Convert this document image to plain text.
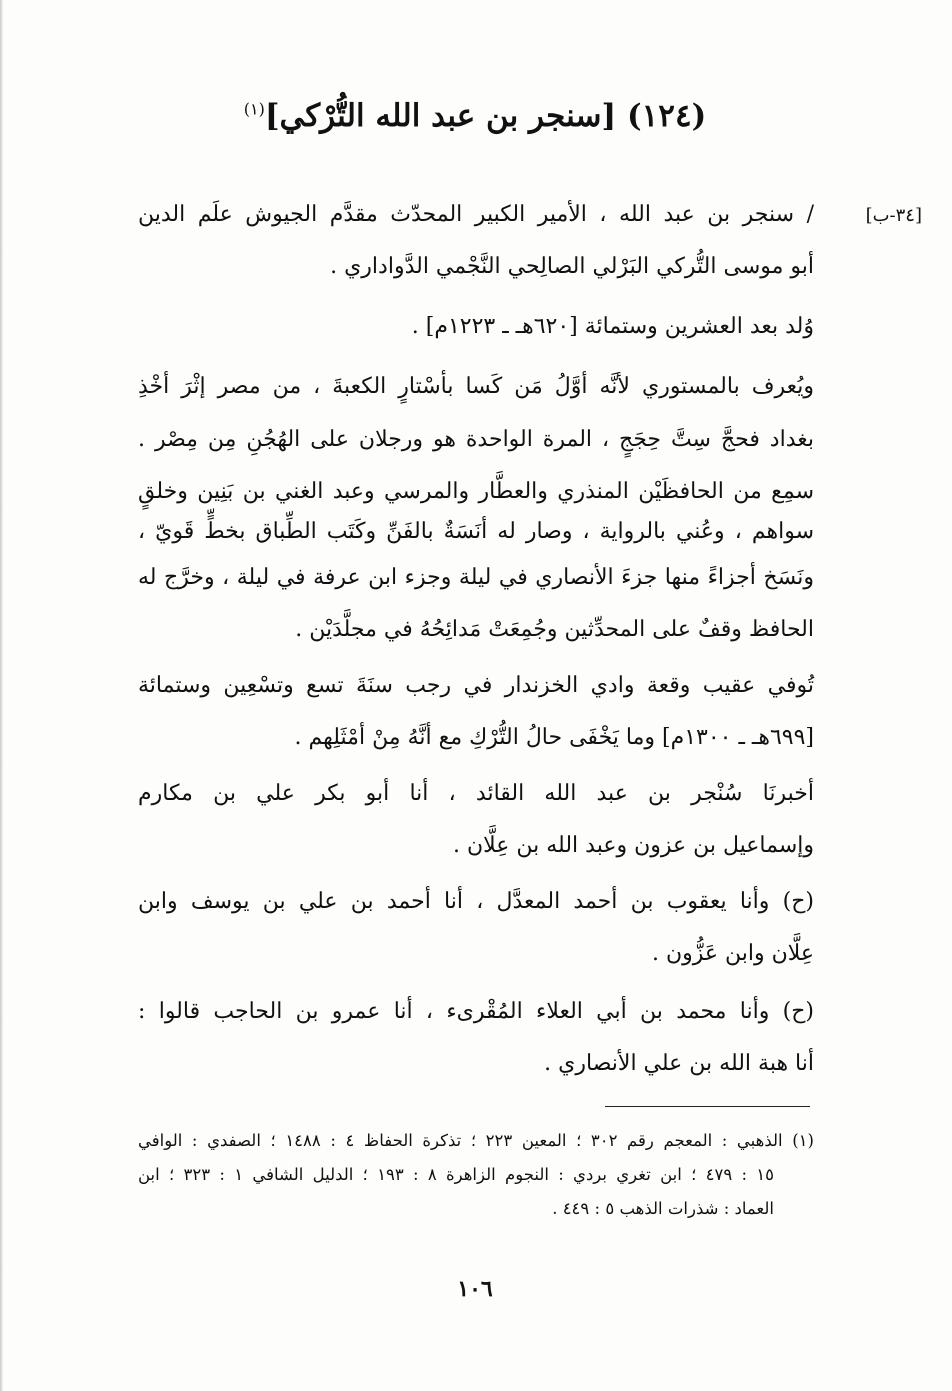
(١٢٤) [سنجر بن عبد الله التُّرْكي]$^{(١)}$
[٣٤-ب]
/ سنجر بن عبد الله ، الأمير الكبير المحدّث مقدَّم الجيوش علَم الدين
أبو موسى التُّركي البَرْلي الصالِحي النَّجْمي الدَّواداري .
وُلد بعد العشرين وستمائة [٦٢٠هـ ـ ١٢٢٣م] .
ويُعرف بالمستوري لأنَّه أوَّلُ مَن كَسا بأسْتارٍ الكعبةَ ، من مصر إثْرَ أخْذِ
بغداد فحجَّ سِتَّ حِجَجٍ ، المرة الواحدة هو ورجلان على الهُجُنِ مِن مِصْر .
سمِع من الحافظَيْن المنذري والعطَّار والمرسي وعبد الغني بن بَنِين وخلقٍ
سواهم ، وعُني بالرواية ، وصار له أنَسَةٌ بالفَنِّ وكَتَب الطِّباق بخطٍّ قَويّ ،
ونَسَخ أجزاءً منها جزءَ الأنصاري في ليلة وجزء ابن عرفة في ليلة ، وخرَّج له
الحافظ وقفٌ على المحدِّثين وجُمِعَتْ مَدائِحُهُ في مجلَّدَيْن .
تُوفي عقيب وقعة وادي الخزندار في رجب سنَةَ تسع وتسْعِين وستمائة
[٦٩٩هـ ـ ١٣٠٠م] وما يَخْفَى حالُ التُّرْكِ مع أنَّهُ مِنْ أمْثَلِهم .
أخبرنَا سُنْجر بن عبد الله القائد ، أنا أبو بكر علي بن مكارم
وإسماعيل بن عزون وعبد الله بن عِلَّان .
(ح) وأنا يعقوب بن أحمد المعدَّل ، أنا أحمد بن علي بن يوسف وابن
عِلَّان وابن عَزُّون .
(ح) وأنا محمد بن أبي العلاء المُقْرىء ، أنا عمرو بن الحاجب قالوا :
أنا هبة الله بن علي الأنصاري .
(١) الذهبي : المعجم رقم ٣٠٢ ؛ المعين ٢٢٣ ؛ تذكرة الحفاظ ٤ : ١٤٨٨ ؛ الصفدي : الوافي
١٥ : ٤٧٩ ؛ ابن تغري بردي : النجوم الزاهرة ٨ : ١٩٣ ؛ الدليل الشافي ١ : ٣٢٣ ؛ ابن
العماد : شذرات الذهب ٥ : ٤٤٩ .
١٠٦
